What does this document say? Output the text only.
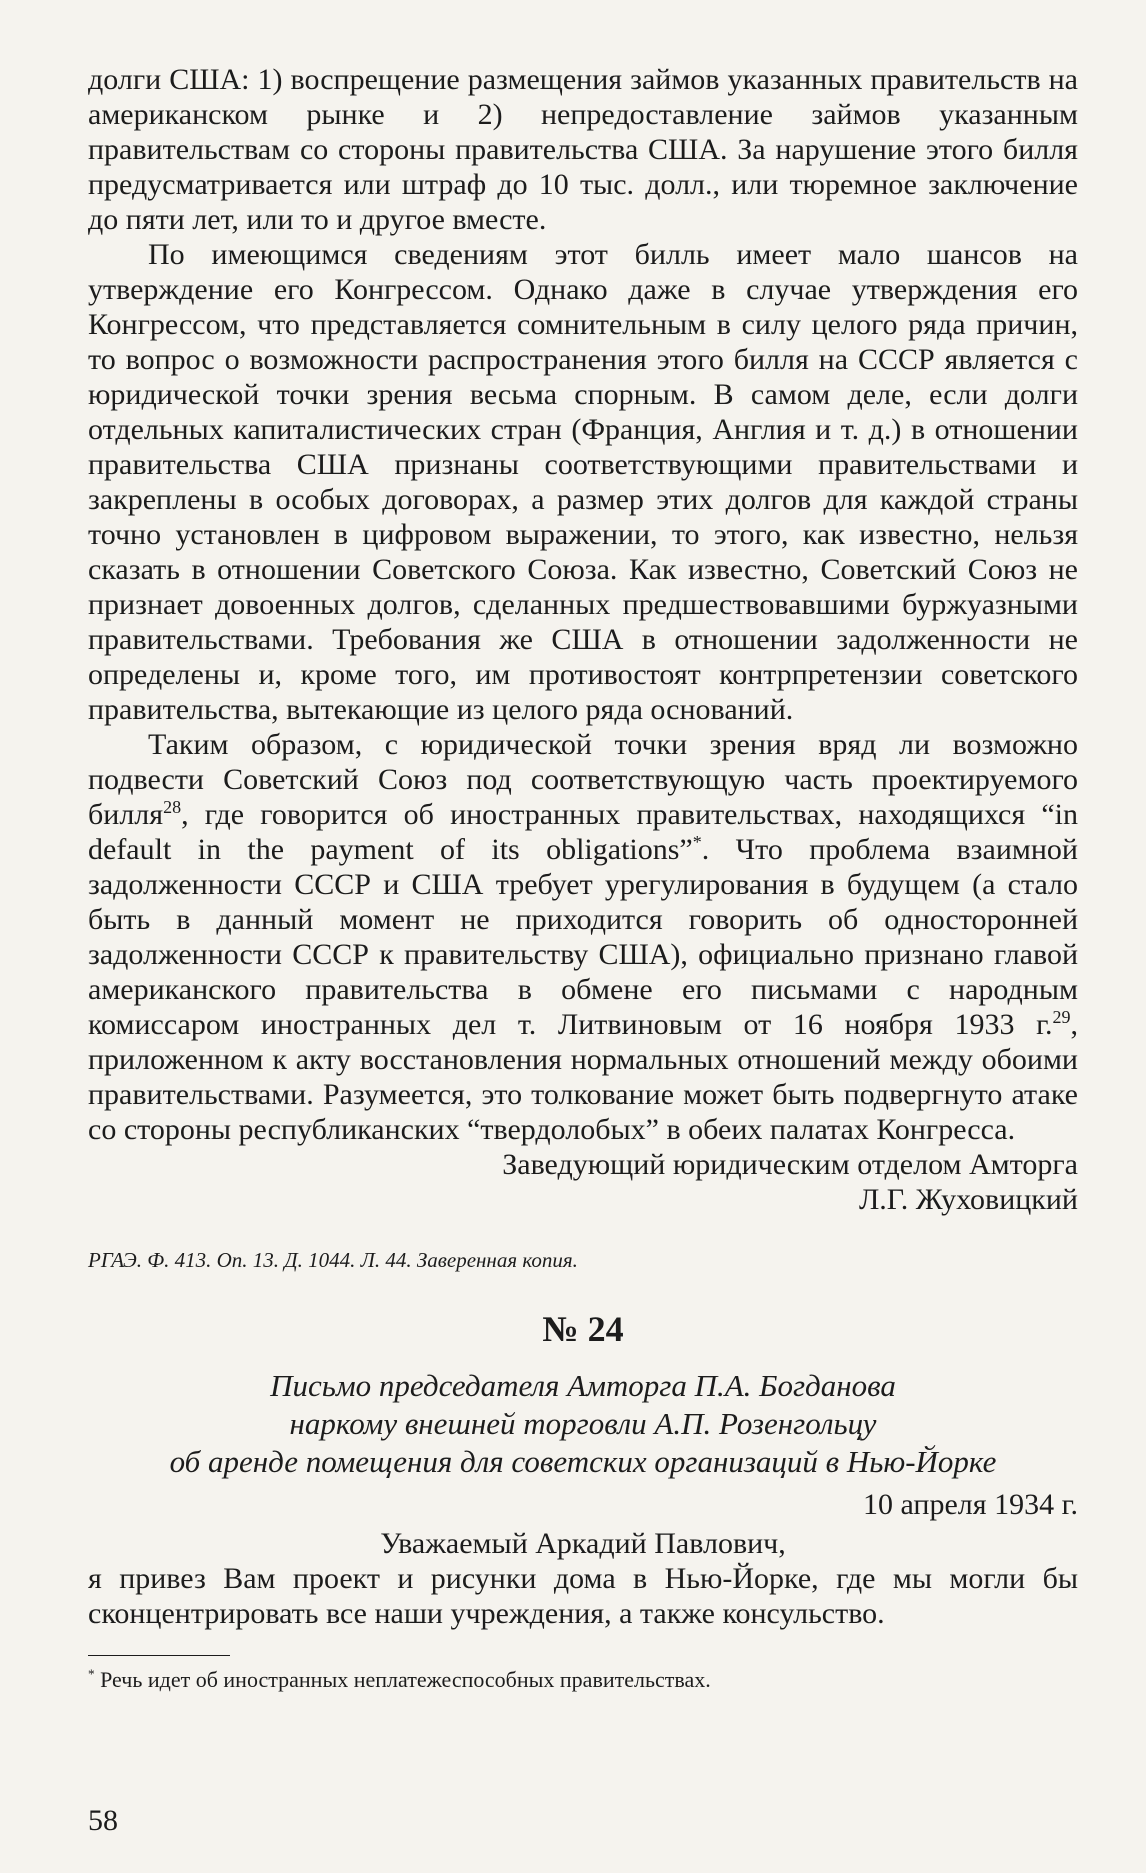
долги США: 1) воспрещение размещения займов указанных правительств на американском рынке и 2) непредоставление займов указанным правительствам со стороны правительства США. За нарушение этого билля предусматривается или штраф до 10 тыс. долл., или тюремное заключение до пяти лет, или то и другое вместе.

По имеющимся сведениям этот билль имеет мало шансов на утверждение его Конгрессом. Однако даже в случае утверждения его Конгрессом, что представляется сомнительным в силу целого ряда причин, то вопрос о возможности распространения этого билля на СССР является с юридической точки зрения весьма спорным. В самом деле, если долги отдельных капиталистических стран (Франция, Англия и т. д.) в отношении правительства США признаны соответствующими правительствами и закреплены в особых договорах, а размер этих долгов для каждой страны точно установлен в цифровом выражении, то этого, как известно, нельзя сказать в отношении Советского Союза. Как известно, Советский Союз не признает довоенных долгов, сделанных предшествовавшими буржуазными правительствами. Требования же США в отношении задолженности не определены и, кроме того, им противостоят контрпретензии советского правительства, вытекающие из целого ряда оснований.

Таким образом, с юридической точки зрения вряд ли возможно подвести Советский Союз под соответствующую часть проектируемого билля$^{28}$, где говорится об иностранных правительствах, находящихся “in default in the payment of its obligations”*. Что проблема взаимной задолженности СССР и США требует урегулирования в будущем (а стало быть в данный момент не приходится говорить об односторонней задолженности СССР к правительству США), официально признано главой американского правительства в обмене его письмами с народным комиссаром иностранных дел т. Литвиновым от 16 ноября 1933 г.$^{29}$, приложенном к акту восстановления нормальных отношений между обоими правительствами. Разумеется, это толкование может быть подвергнуто атаке со стороны республиканских “твердолобых” в обеих палатах Конгресса.

Заведующий юридическим отделом Амторга

Л.Г. Жуховицкий

РГАЭ. Ф. 413. Оп. 13. Д. 1044. Л. 44. Заверенная копия.

№ 24

Письмо председателя Амторга П.А. Богданова
наркому внешней торговли А.П. Розенгольцу
об аренде помещения для советских организаций в Нью-Йорке

10 апреля 1934 г.

Уважаемый Аркадий Павлович,

я привез Вам проект и рисунки дома в Нью-Йорке, где мы могли бы сконцентрировать все наши учреждения, а также консульство.

* Речь идет об иностранных неплатежеспособных правительствах.

58
